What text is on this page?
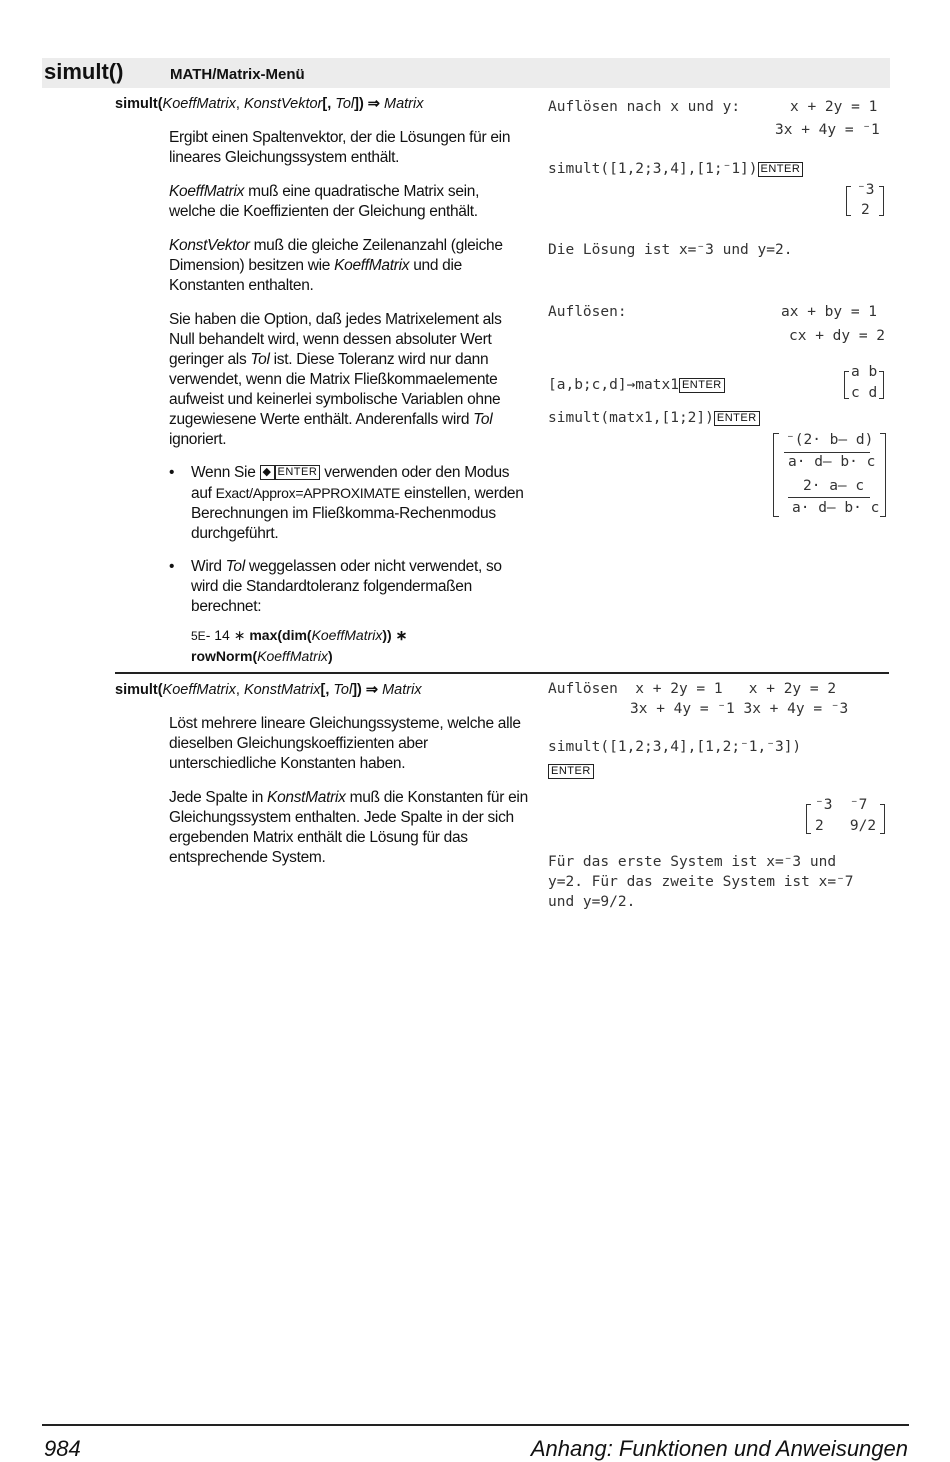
simult()	MATH/Matrix-Menü
simult(KoeffMatrix, KonstVektor[, Tol]) ⇒ Matrix

Ergibt einen Spaltenvektor, der die Lösungen für ein lineares Gleichungssystem enthält.

KoeffMatrix muß eine quadratische Matrix sein, welche die Koeffizienten der Gleichung enthält.

KonstVektor muß die gleiche Zeilenanzahl (gleiche Dimension) besitzen wie KoeffMatrix und die Konstanten enthalten.

Sie haben die Option, daß jedes Matrixelement als Null behandelt wird, wenn dessen absoluter Wert geringer als Tol ist. Diese Toleranz wird nur dann verwendet, wenn die Matrix Fließkommaelemente aufweist und keinerlei symbolische Variablen ohne zugewiesene Werte enthält. Anderenfalls wird Tol ignoriert.

• Wenn Sie ◆ ENTER verwenden oder den Modus auf Exact/Approx=APPROXIMATE einstellen, werden Berechnungen im Fließkomma-Rechenmodus durchgeführt.
• Wird Tol weggelassen oder nicht verwendet, so wird die Standardtoleranz folgendermaßen berechnet:
5E- 14 ∗ max(dim(KoeffMatrix)) ∗
rowNorm(KoeffMatrix)
Auflösen nach x und y:	x + 2y = 1
3x + 4y = ⁻1
simult([1,2;3,4],[1;⁻1]) ENTER
⁻3
2
Die Lösung ist x=⁻3 und y=2.
Auflösen:	ax + by = 1
cx + dy = 2
[a,b;c,d]→matx1 ENTER
a b
c d
simult(matx1,[1;2]) ENTER
⁻(2· b– d)
a· d– b· c
2· a– c
a· d– b· c
simult(KoeffMatrix, KonstMatrix[, Tol]) ⇒ Matrix

Löst mehrere lineare Gleichungssysteme, welche alle dieselben Gleichungskoeffizienten aber unterschiedliche Konstanten haben.

Jede Spalte in KonstMatrix muß die Konstanten für ein Gleichungssystem enthalten. Jede Spalte in der sich ergebenden Matrix enthält die Lösung für das entsprechende System.

Auflösen  x + 2y = 1   x + 2y = 2
3x + 4y = ⁻1 3x + 4y = ⁻3
simult([1,2;3,4],[1,2;⁻1,⁻3])
ENTER
⁻3  ⁻7
2   9/2
Für das erste System ist x=⁻3 und
y=2. Für das zweite System ist x=⁻7
und y=9/2.
984	Anhang: Funktionen und Anweisungen
